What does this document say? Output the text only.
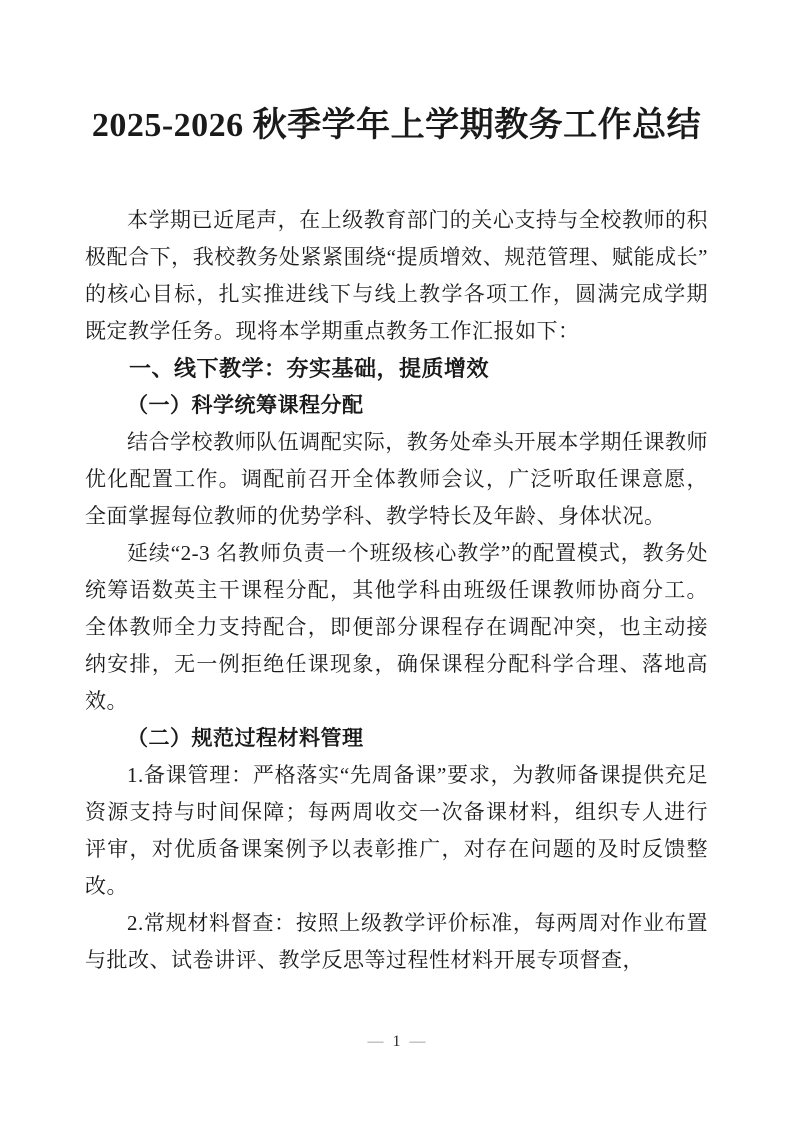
2025-2026 秋季学年上学期教务工作总结

本学期已近尾声，在上级教育部门的关心支持与全校教师的积极配合下，我校教务处紧紧围绕“提质增效、规范管理、赋能成长”的核心目标，扎实推进线下与线上教学各项工作，圆满完成学期既定教学任务。现将本学期重点教务工作汇报如下：

一、线下教学：夯实基础，提质增效

（一）科学统筹课程分配

结合学校教师队伍调配实际，教务处牵头开展本学期任课教师优化配置工作。调配前召开全体教师会议，广泛听取任课意愿，全面掌握每位教师的优势学科、教学特长及年龄、身体状况。

延续“2-3 名教师负责一个班级核心教学”的配置模式，教务处统筹语数英主干课程分配，其他学科由班级任课教师协商分工。全体教师全力支持配合，即便部分课程存在调配冲突，也主动接纳安排，无一例拒绝任课现象，确保课程分配科学合理、落地高效。

（二）规范过程材料管理

1.备课管理：严格落实“先周备课”要求，为教师备课提供充足资源支持与时间保障；每两周收交一次备课材料，组织专人进行评审，对优质备课案例予以表彰推广，对存在问题的及时反馈整改。

2.常规材料督查：按照上级教学评价标准，每两周对作业布置与批改、试卷讲评、教学反思等过程性材料开展专项督查，

— 1 —
